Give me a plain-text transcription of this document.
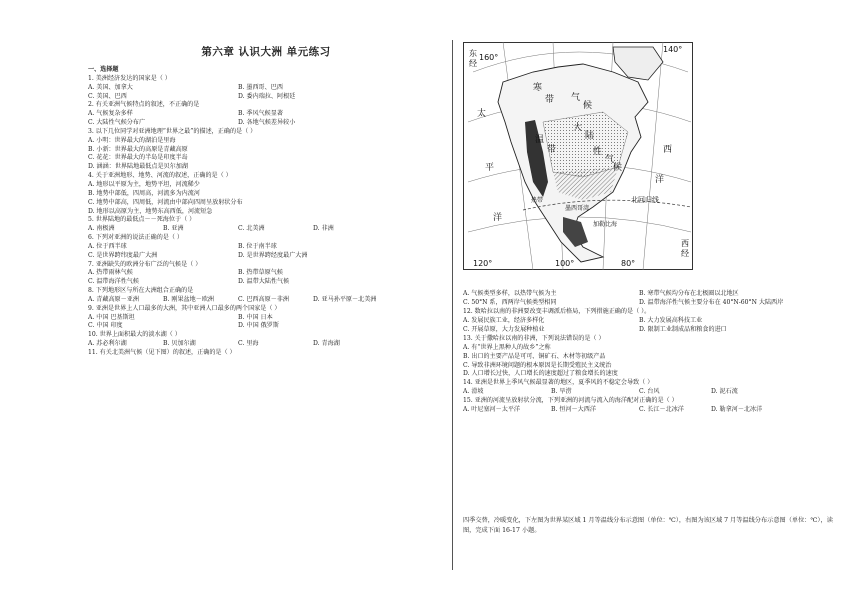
第六章 认识大洲 单元练习
一、选择题
1. 美洲经济发达的国家是（ ）
A. 美国、加拿大	B. 墨西哥、巴西
C. 美国、巴西	D. 委内瑞拉、阿根廷
2. 有关亚洲气候特点的叙述，不正确的是
A. 气候复杂多样	B. 季风气候显著
C. 大陆性气候分布广	D. 各地气候差异较小
3. 以下几位同学对亚洲地理“世界之最”的描述，正确的是（ ）
A. 小明：世界最大的湖泊是里海
B. 小新：世界最大的高原是青藏高原
C. 花花：世界最大的半岛是印度半岛
D. 涵涵：世界陆地最低点是贝尔加湖
4. 关于亚洲地形、地势、河流的叙述，正确的是（ ）
A. 地形以平原为主，地势平坦，河流稀少
B. 地势中部低，四周高，河流多为内流河
C. 地势中部高，四周低，河流由中部向四周呈放射状分布
D. 地形以高原为主，地势东高西低，河流短急
5. 世界陆地的最低点－－死海位于（ ）
A. 南极洲	B. 亚洲	C. 北美洲	D. 非洲
6. 下列对亚洲的说法正确的是（ ）
A. 位于西半球	B. 位于南半球
C. 是世界跨纬度最广大洲	D. 是世界跨经度最广大洲
7. 亚洲缺失的欧洲分布广泛的气候是（ ）
A. 热带雨林气候	B. 热带草原气候
C. 温带海洋性气候	D. 温带大陆性气候
8. 下列地形区与所在大洲组合正确的是
A. 青藏高原－亚洲	B. 刚果盆地－欧洲	C. 巴西高原－非洲	D. 亚马孙平原－北美洲
9. 亚洲是世界上人口最多的大洲，其中亚洲人口最多的两个国家是（ ）
A. 中国 巴基斯坦	B. 中国 日本
C. 中国 印度	D. 中国 俄罗斯
10. 世界上面积最大的淡水湖（ ）
A. 苏必利尔湖	B. 贝加尔湖	C. 里海	D. 青海湖
11. 有关北美洲气候（见下图）的叙述，正确的是（ ）
东
经
160°
寒
带 气
候
太
平
洋
温
带
大
陆
性
气
候
西
洋
北回归线
墨西哥湾
加勒比海
热带
120°	100°	80°
140°
西
经
A. 气候类型多样，以热带气候为主	B. 寒带气候均分布在北极圈以北地区
C. 50°N 系，西两岸气候类型相同	D. 温带海洋性气候主要分布在 40°N-60°N 大陆西岸
12. 数哈拉以南的非洲要改变丰调派后格局，下列措施正确的是（ ）。
A. 发展民族工业，经济多样化	B. 大力发展高科技工业
C. 开展草原，大力发展种植业	D. 限制工业制成品和粮食的进口
13. 关于撒哈拉以南的非洲，下列说法错误的是（ ）
A. 有“世界上黑种人的故乡”之称
B. 出口的主要产品是可可、铜矿石、木材等初级产品
C. 导致非洲环境问题的根本原因是长期受殖民主义统治
D. 人口增长过快，人口增长的速度超过了粮食增长的速度
14. 亚洲是世界上季风气候最显著的地区，夏季风的不稳定会导致（ ）
A. 滑坡	B. 旱涝	C. 台风	D. 泥石流
15. 亚洲的河流呈放射状分流，下列亚洲的河流与流入的海洋配对正确的是（ ）
A. 叶尼塞河－太平洋	B. 恒河－大西洋	C. 长江－北冰洋	D. 勒拿河－北冰洋
四季交替，冷暖变化，下左图为世界某区域 1 月等温线分布示意图（单位：℃），右图为该区域 7 月等温线分布示意图（单位：℃），读图，完成下面 16-17 小题。
